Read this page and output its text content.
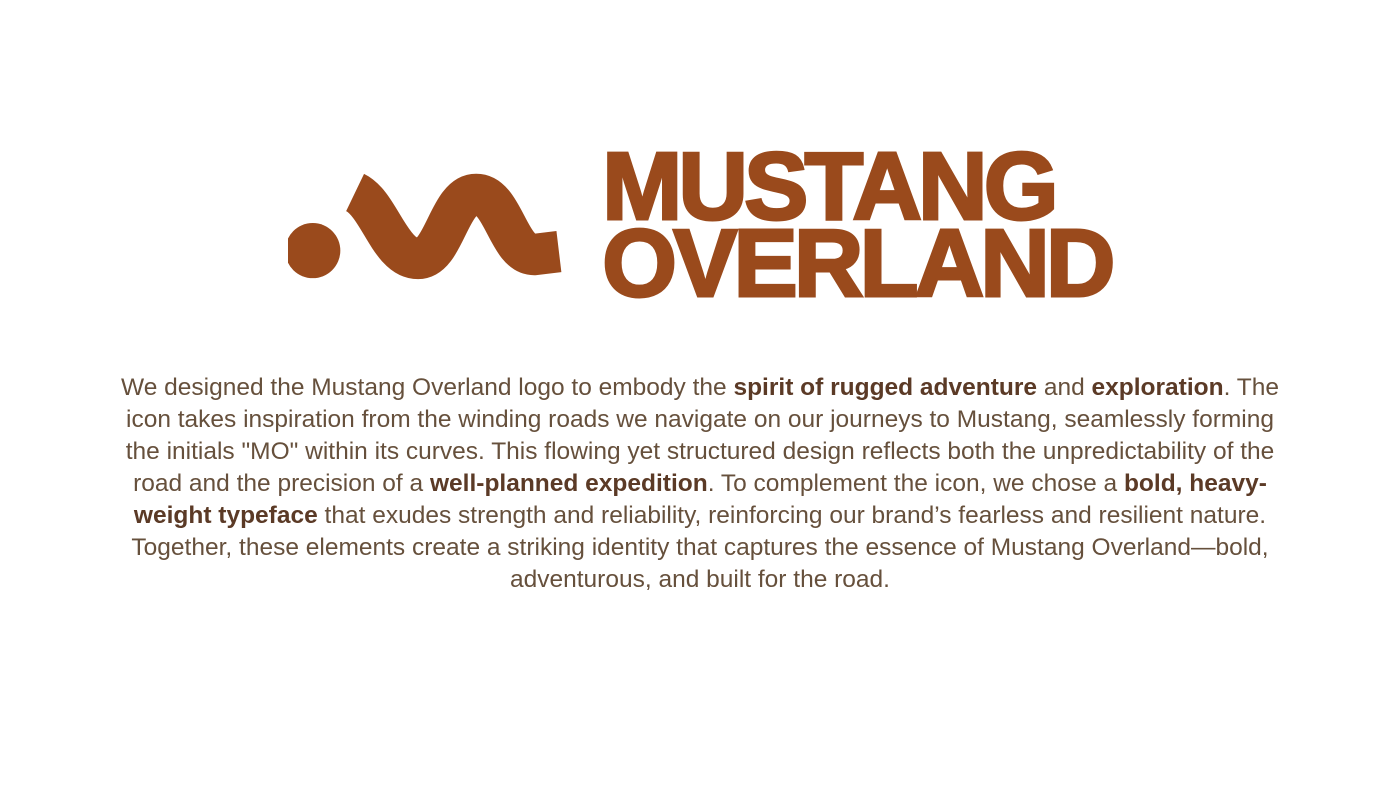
MUSTANG
OVERLAND

We designed the Mustang Overland logo to embody the spirit of rugged adventure and exploration. The icon takes inspiration from the winding roads we navigate on our journeys to Mustang, seamlessly forming the initials "MO" within its curves. This flowing yet structured design reflects both the unpredictability of the road and the precision of a well-planned expedition. To complement the icon, we chose a bold, heavy-weight typeface that exudes strength and reliability, reinforcing our brand’s fearless and resilient nature. Together, these elements create a striking identity that captures the essence of Mustang Overland—bold, adventurous, and built for the road.
